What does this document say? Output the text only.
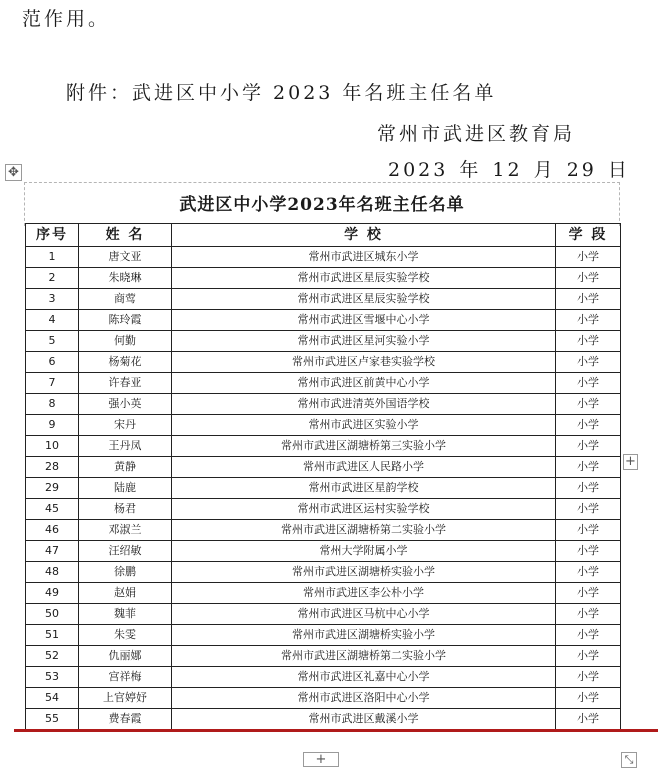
范作用。
附件：武进区中小学 2023 年名班主任名单
常州市武进区教育局
2023 年 12 月 29 日
✥
武进区中小学2023年名班主任名单
序号	姓 名	学 校	学 段
1	唐文亚	常州市武进区城东小学	小学
2	朱晓琳	常州市武进区星辰实验学校	小学
3	商莺	常州市武进区星辰实验学校	小学
4	陈玲霞	常州市武进区雪堰中心小学	小学
5	何勤	常州市武进区星河实验小学	小学
6	杨菊花	常州市武进区卢家巷实验学校	小学
7	许春亚	常州市武进区前黄中心小学	小学
8	强小英	常州市武进清英外国语学校	小学
9	宋丹	常州市武进区实验小学	小学
10	王丹凤	常州市武进区湖塘桥第三实验小学	小学
28	黄静	常州市武进区人民路小学	小学
29	陆鹿	常州市武进区星韵学校	小学
45	杨君	常州市武进区运村实验学校	小学
46	邓淑兰	常州市武进区湖塘桥第二实验小学	小学
47	汪绍敏	常州大学附属小学	小学
48	徐鹏	常州市武进区湖塘桥实验小学	小学
49	赵娟	常州市武进区李公朴小学	小学
50	魏菲	常州市武进区马杭中心小学	小学
51	朱雯	常州市武进区湖塘桥实验小学	小学
52	仇丽娜	常州市武进区湖塘桥第二实验小学	小学
53	宫祥梅	常州市武进区礼嘉中心小学	小学
54	上官婷妤	常州市武进区洛阳中心小学	小学
55	费春霞	常州市武进区戴溪小学	小学
+
+	⤡
